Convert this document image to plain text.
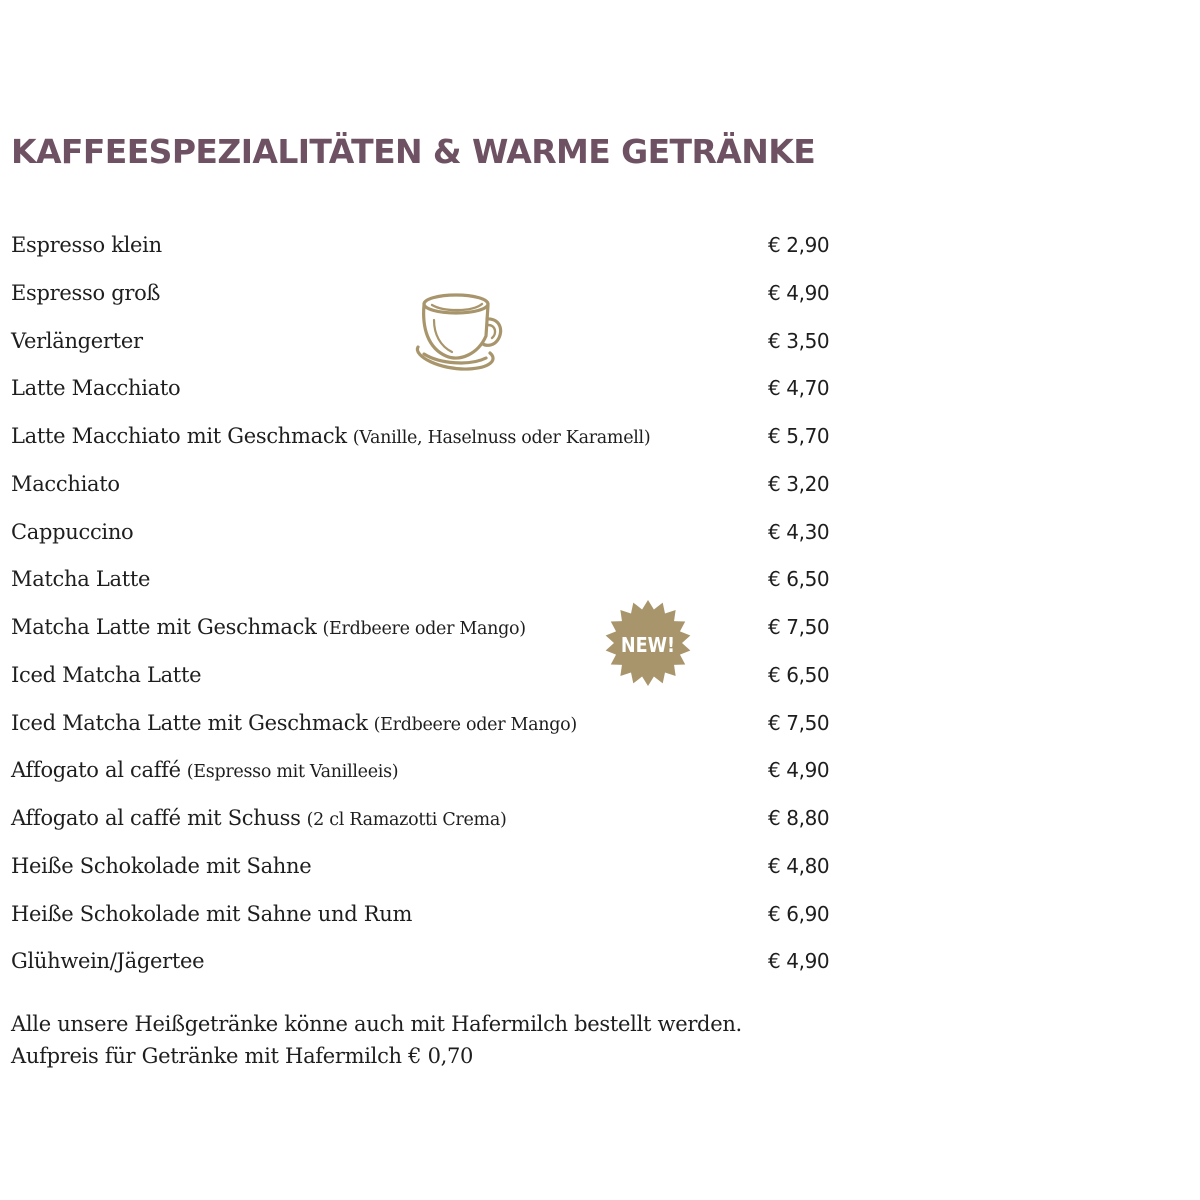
KAFFEESPEZIALITÄTEN & WARME GETRÄNKE
Espresso klein	€ 2,90
Espresso groß	€ 4,90
Verlängerter	€ 3,50
Latte Macchiato	€ 4,70
Latte Macchiato mit Geschmack (Vanille, Haselnuss oder Karamell)	€ 5,70
Macchiato	€ 3,20
Cappuccino	€ 4,30
Matcha Latte	€ 6,50
Matcha Latte mit Geschmack (Erdbeere oder Mango)	€ 7,50
Iced Matcha Latte	€ 6,50
Iced Matcha Latte mit Geschmack (Erdbeere oder Mango)	€ 7,50
Affogato al caffé (Espresso mit Vanilleeis)	€ 4,90
Affogato al caffé mit Schuss (2 cl Ramazotti Crema)	€ 8,80
Heiße Schokolade mit Sahne	€ 4,80
Heiße Schokolade mit Sahne und Rum	€ 6,90
Glühwein/Jägertee	€ 4,90

Alle unsere Heißgetränke könne auch mit Hafermilch bestellt werden.

Aufpreis für Getränke mit Hafermilch € 0,70

NEW!
